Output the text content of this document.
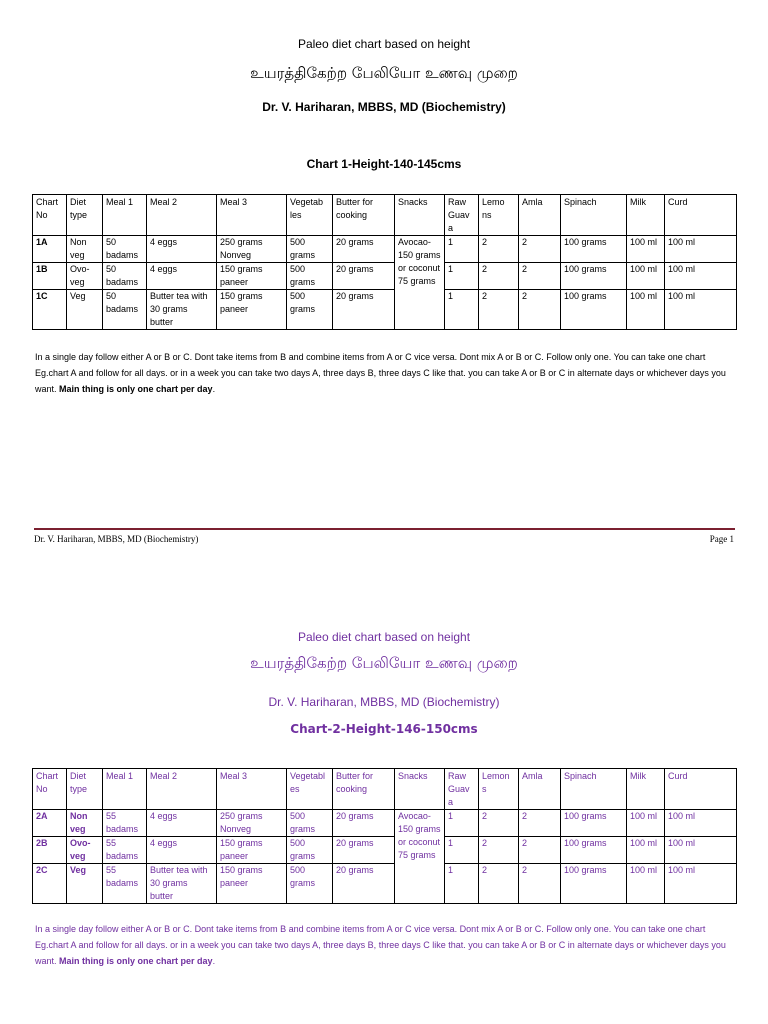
Paleo diet chart based on height
உயரத்திகேற்ற பேலியோ உணவு முறை
Dr. V. Hariharan, MBBS, MD (Biochemistry)
Chart 1-Height-140-145cms
Chart No	Diet type	Meal 1	Meal 2	Meal 3	Vegetab les	Butter for cooking	Snacks	Raw Guav a	Lemo ns	Amla	Spinach	Milk	Curd
1A	Non veg	50 badams	4 eggs	250 grams Nonveg	500 grams	20 grams	Avocao-150 grams or coconut 75 grams	1	2	2	100 grams	100 ml	100 ml
1B	Ovo-veg	50 badams	4 eggs	150 grams paneer	500 grams	20 grams		1	2	2	100 grams	100 ml	100 ml
1C	Veg	50 badams	Butter tea with 30 grams butter	150 grams paneer	500 grams	20 grams		1	2	2	100 grams	100 ml	100 ml
In a single day follow either A or B or C. Dont take items from B and combine items from A or C vice versa. Dont mix A or B or C. Follow only one. You can take one chart Eg.chart A and follow for all days. or in a week you can take two days A, three days B, three days C like that. you can take A or B or C in alternate days or whichever days you want. Main thing is only one chart per day.
Dr. V. Hariharan, MBBS, MD (Biochemistry)	Page 1
Paleo diet chart based on height
உயரத்திகேற்ற பேலியோ உணவு முறை
Dr. V. Hariharan, MBBS, MD (Biochemistry)
Chart-2-Height-146-150cms
Chart No	Diet type	Meal 1	Meal 2	Meal 3	Vegetabl es	Butter for cooking	Snacks	Raw Guav a	Lemon s	Amla	Spinach	Milk	Curd
2A	Non veg	55 badams	4 eggs	250 grams Nonveg	500 grams	20 grams	Avocao-150 grams or coconut 75 grams	1	2	2	100 grams	100 ml	100 ml
2B	Ovo-veg	55 badams	4 eggs	150 grams paneer	500 grams	20 grams		1	2	2	100 grams	100 ml	100 ml
2C	Veg	55 badams	Butter tea with 30 grams butter	150 grams paneer	500 grams	20 grams		1	2	2	100 grams	100 ml	100 ml
In a single day follow either A or B or C. Dont take items from B and combine items from A or C vice versa. Dont mix A or B or C. Follow only one. You can take one chart Eg.chart A and follow for all days. or in a week you can take two days A, three days B, three days C like that. you can take A or B or C in alternate days or whichever days you want. Main thing is only one chart per day.
